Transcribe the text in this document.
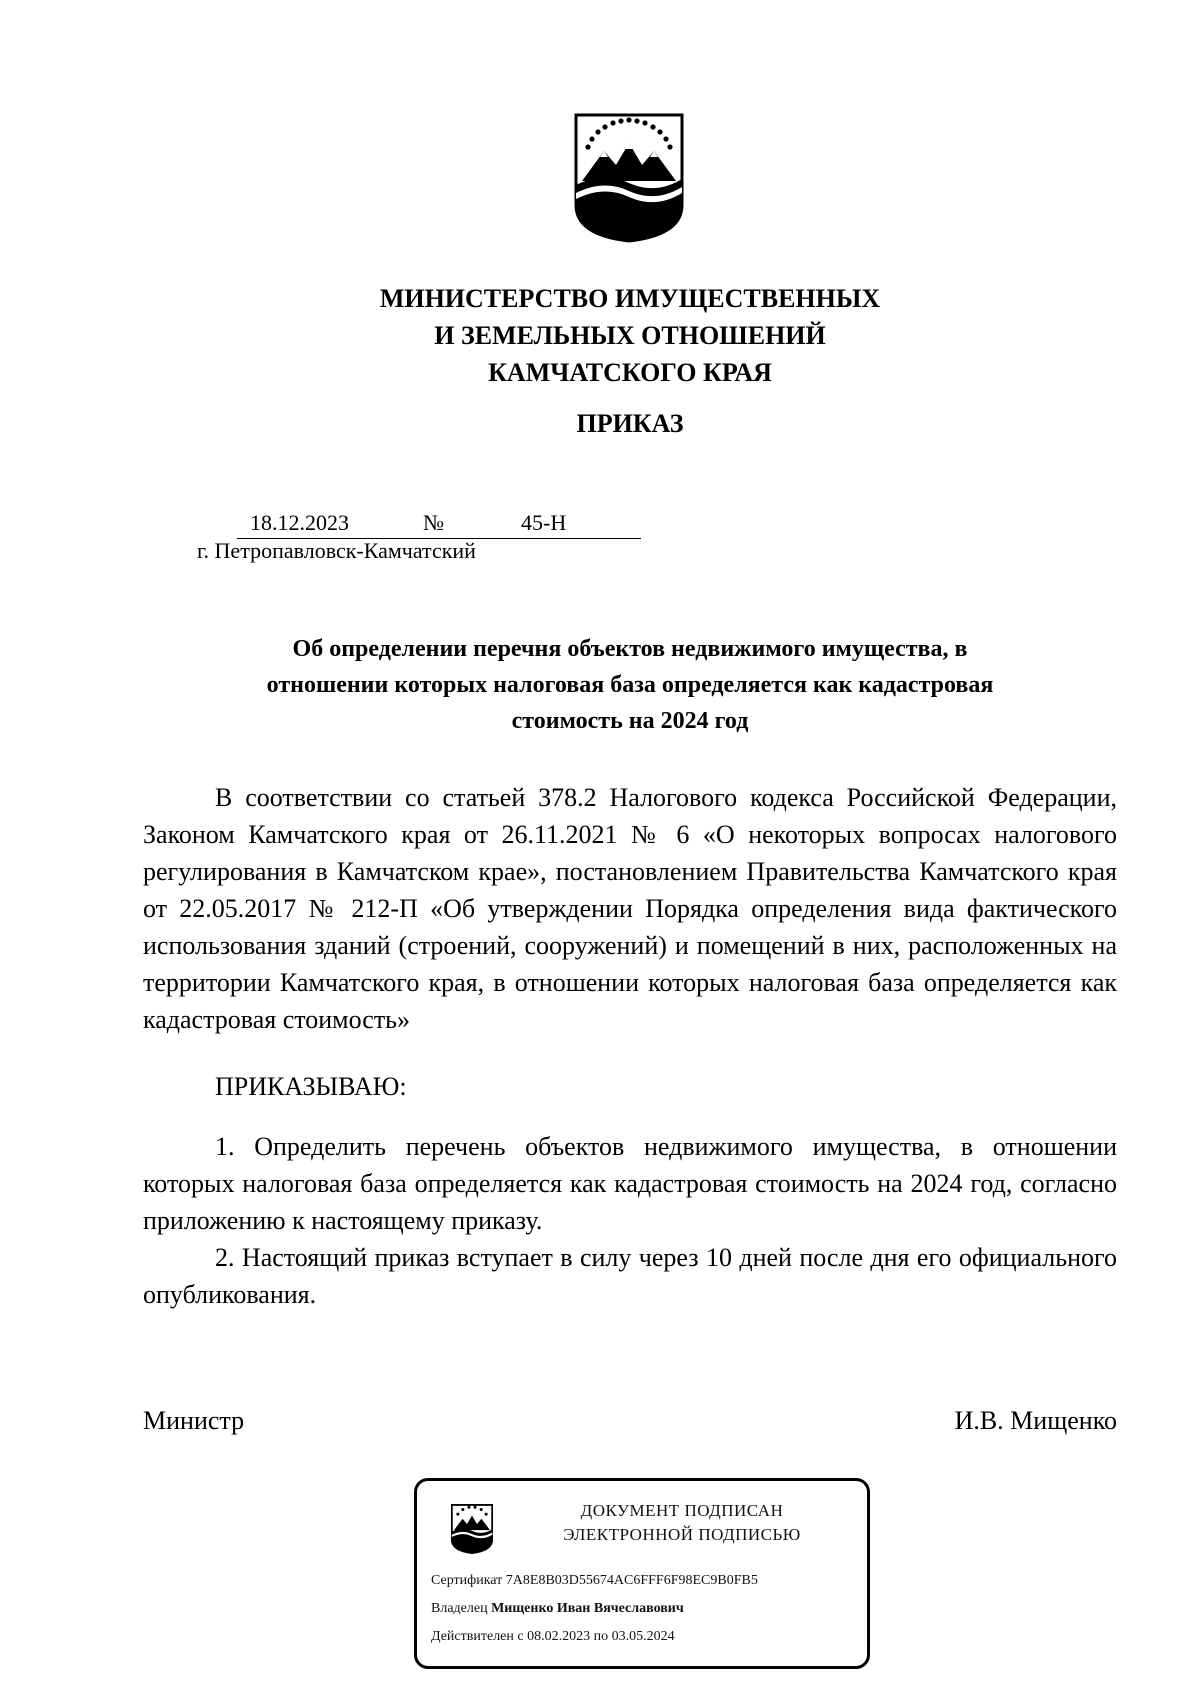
МИНИСТЕРСТВО ИМУЩЕСТВЕННЫХ
И ЗЕМЕЛЬНЫХ ОТНОШЕНИЙ
КАМЧАТСКОГО КРАЯ
ПРИКАЗ
18.12.2023	№	45-Н
г. Петропавловск-Камчатский
Об определении перечня объектов недвижимого имущества, в
отношении которых налоговая база определяется как кадастровая
стоимость на 2024 год

В соответствии со статьей 378.2 Налогового кодекса Российской Федерации, Законом Камчатского края от 26.11.2021 № 6 «О некоторых вопросах налогового регулирования в Камчатском крае», постановлением Правительства Камчатского края от 22.05.2017 № 212-П «Об утверждении Порядка определения вида фактического использования зданий (строений, сооружений) и помещений в них, расположенных на территории Камчатского края, в отношении которых налоговая база определяется как кадастровая стоимость»

ПРИКАЗЫВАЮ:

1. Определить перечень объектов недвижимого имущества, в отношении которых налоговая база определяется как кадастровая стоимость на 2024 год, согласно приложению к настоящему приказу.

2. Настоящий приказ вступает в силу через 10 дней после дня его официального опубликования.

Министр	И.В. Мищенко
ДОКУМЕНТ ПОДПИСАН
ЭЛЕКТРОННОЙ ПОДПИСЬЮ
Сертификат 7A8E8B03D55674AC6FFF6F98EC9B0FB5
Владелец Мищенко Иван Вячеславович
Действителен с 08.02.2023 по 03.05.2024
